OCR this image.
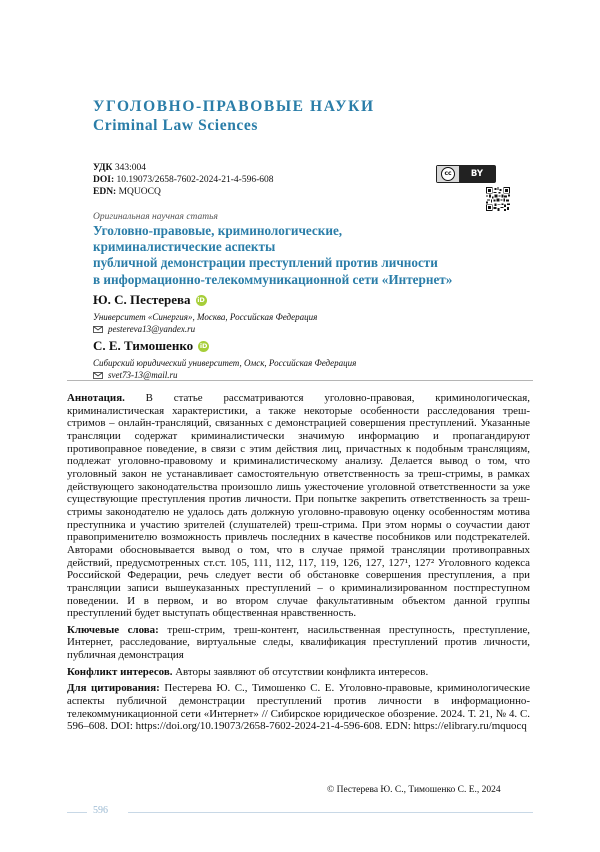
УГОЛОВНО-ПРАВОВЫЕ НАУКИ
Criminal Law Sciences
УДК 343:004
DOI: 10.19073/2658-7602-2024-21-4-596-608
EDN: MQUOCQ
cc	BY
Оригинальная научная статья
Уголовно-правовые, криминологические,
криминалистические аспекты
публичной демонстрации преступлений против личности
в информационно-телекоммуникационной сети «Интернет»
Ю. С. Пестерева iD
Университет «Синергия», Москва, Российская Федерация
pestereva13@yandex.ru
С. Е. Тимошенко iD
Сибирский юридический университет, Омск, Российская Федерация
svet73-13@mail.ru

Аннотация. В статье рассматриваются уголовно-правовая, криминологическая, криминалистическая характеристики, а также некоторые особенности расследования треш-стримов – онлайн-трансляций, связанных с демонстрацией совершения преступлений. Указанные трансляции содержат криминалистически значимую информацию и пропагандируют противоправное поведение, в связи с этим действия лиц, причастных к подобным трансляциям, подлежат уголовно-правовому и криминалистическому анализу. Делается вывод о том, что уголовный закон не устанавливает самостоятельную ответственность за треш-стримы, в рамках действующего законодательства произошло лишь ужесточение уголовной ответственности за уже существующие преступления против личности. При попытке закрепить ответственность за треш-стримы законодателю не удалось дать должную уголовно-правовую оценку особенностям мотива преступника и участию зрителей (слушателей) треш-стрима. При этом нормы о соучастии дают правоприменителю возможность привлечь последних в качестве пособников или подстрекателей. Авторами обосновывается вывод о том, что в случае прямой трансляции противоправных действий, предусмотренных ст.ст. 105, 111, 112, 117, 119, 126, 127, 127¹, 127² Уголовного кодекса Российской Федерации, речь следует вести об обстановке совершения преступления, а при трансляции записи вышеуказанных преступлений – о криминализированном постпреступном поведении. И в первом, и во втором случае факультативным объектом данной группы преступлений будет выступать общественная нравственность.

Ключевые слова: треш-стрим, треш-контент, насильственная преступность, преступление, Интернет, расследование, виртуальные следы, квалификация преступлений против личности, публичная демонстрация

Конфликт интересов. Авторы заявляют об отсутствии конфликта интересов.

Для цитирования: Пестерева Ю. С., Тимошенко С. Е. Уголовно-правовые, криминологические аспекты публичной демонстрации преступлений против личности в информационно-телекоммуникационной сети «Интернет» // Сибирское юридическое обозрение. 2024. Т. 21, № 4. С. 596–608. DOI: https://doi.org/10.19073/2658-7602-2024-21-4-596-608. EDN: https://elibrary.ru/mquocq

© Пестерева Ю. С., Тимошенко С. Е., 2024
596
